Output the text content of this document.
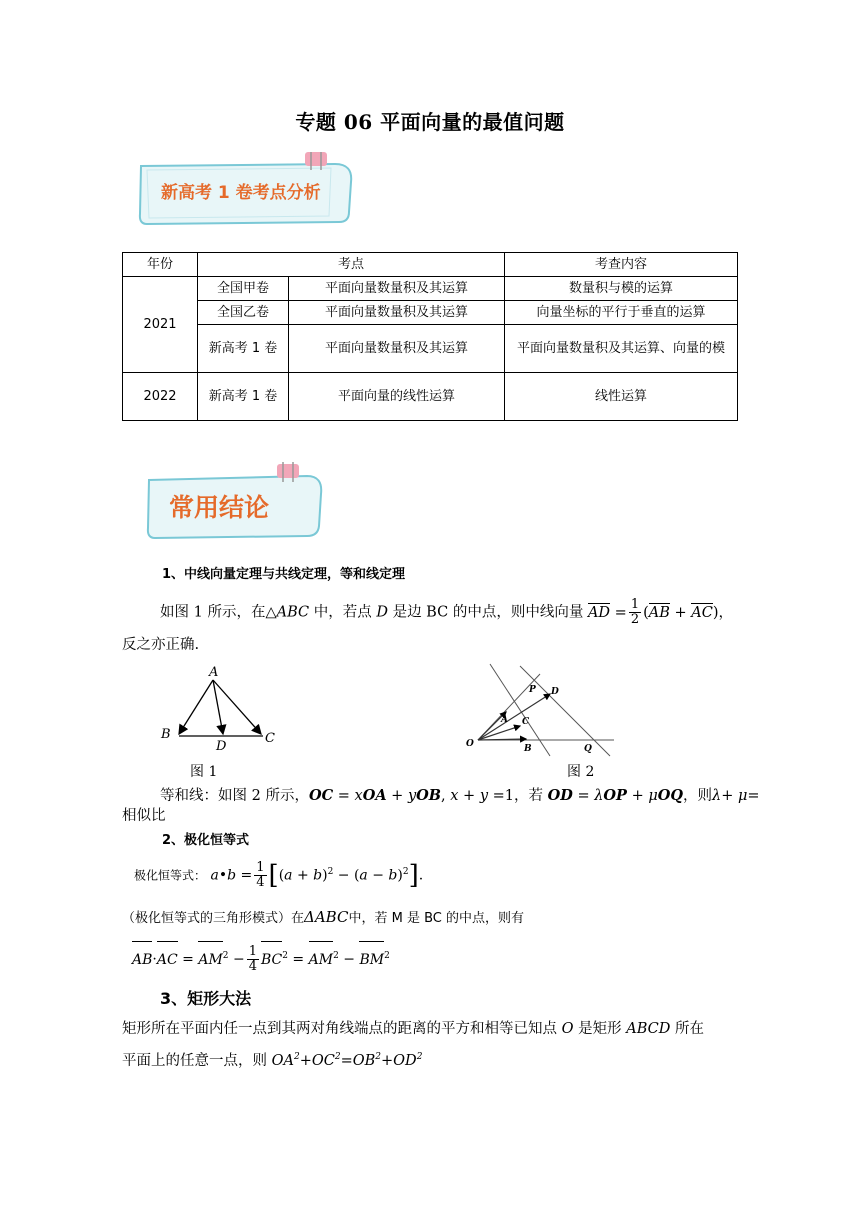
专题 06 平面向量的最值问题
新高考 1 卷考点分析
年份	考点		考查内容
2021	全国甲卷	平面向量数量积及其运算	数量积与模的运算
	全国乙卷	平面向量数量积及其运算	向量坐标的平行于垂直的运算
	新高考 1 卷	平面向量数量积及其运算	平面向量数量积及其运算、向量的模
2022	新高考 1 卷	平面向量的线性运算	线性运算
常用结论
1、中线向量定理与共线定理，等和线定理
如图 1 所示，在△ABC 中，若点 D 是边 BC 的中点，则中线向量 AD = $\frac{1}{2} (AB + AC)$，
反之亦正确.
A
B	C
D
图 1
O
A
B
C
D
P
Q
图 2
等和线：如图 2 所示，OC = xOA + yOB, x + y =1，若 OD = λOP + μOQ，则λ+ μ=
相似比
2、极化恒等式
极化恒等式： a•b = $\frac{1}{4} [(a + b)^2 - (a - b)^2]$.
（极化恒等式的三角形模式）在ΔABC中，若 M 是 BC 的中点，则有
$AB\cdot AC = AM^2 - \frac{1}{4} BC^2 = AM^2 - BM^2$
3、矩形大法
矩形所在平面内任一点到其两对角线端点的距离的平方和相等已知点 O 是矩形 ABCD 所在
平面上的任意一点，则 $OA^2+OC^2=OB^2+OD^2$
